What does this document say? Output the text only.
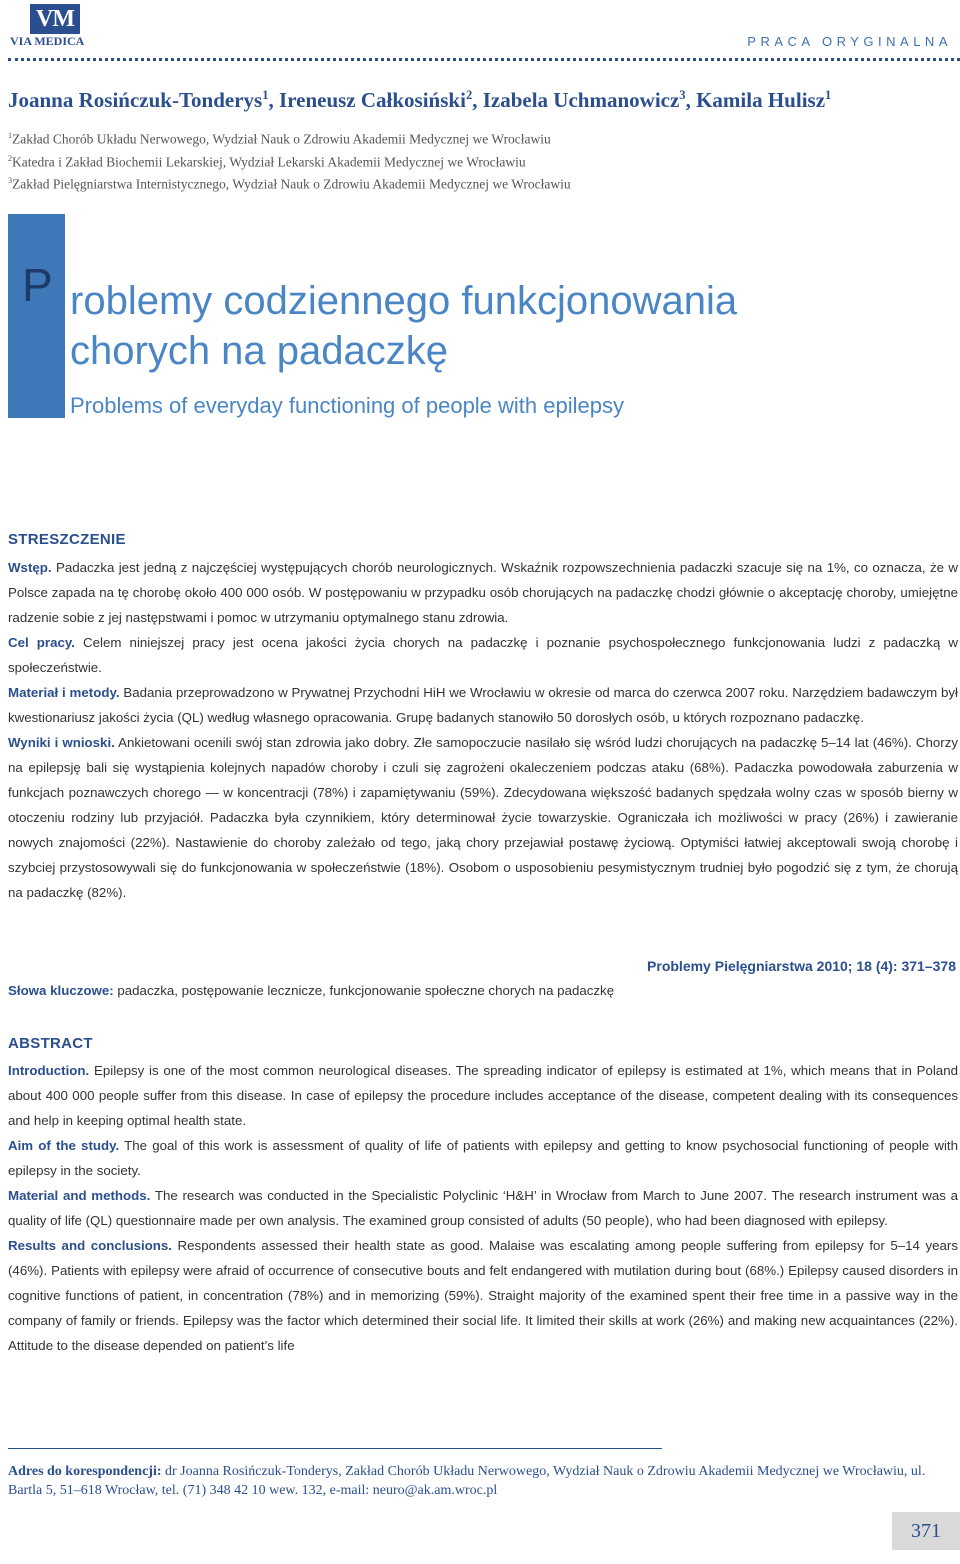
VM
VIA MEDICA	PRACA ORYGINALNA
Joanna Rosińczuk-Tonderys$^1$, Ireneusz Całkosiński$^2$, Izabela Uchmanowicz$^3$, Kamila Hulisz$^1$
$^1$Zakład Chorób Układu Nerwowego, Wydział Nauk o Zdrowiu Akademii Medycznej we Wrocławiu
$^2$Katedra i Zakład Biochemii Lekarskiej, Wydział Lekarski Akademii Medycznej we Wrocławiu
$^3$Zakład Pielęgniarstwa Internistycznego, Wydział Nauk o Zdrowiu Akademii Medycznej we Wrocławiu
P roblemy codziennego funkcjonowania
chorych na padaczkę
Problems of everyday functioning of people with epilepsy
STRESZCZENIE

Wstęp. Padaczka jest jedną z najczęściej występujących chorób neurologicznych. Wskaźnik rozpowszechnienia padaczki szacuje się na 1%, co oznacza, że w Polsce zapada na tę chorobę około 400 000 osób. W postępowaniu w przypadku osób chorujących na padaczkę chodzi głównie o akceptację choroby, umiejętne radzenie sobie z jej następstwami i pomoc w utrzymaniu optymalnego stanu zdrowia.

Cel pracy. Celem niniejszej pracy jest ocena jakości życia chorych na padaczkę i poznanie psychospołecznego funkcjonowania ludzi z padaczką w społeczeństwie.

Materiał i metody. Badania przeprowadzono w Prywatnej Przychodni HiH we Wrocławiu w okresie od marca do czerwca 2007 roku. Narzędziem badawczym był kwestionariusz jakości życia (QL) według własnego opracowania. Grupę badanych stanowiło 50 dorosłych osób, u których rozpoznano padaczkę.

Wyniki i wnioski. Ankietowani ocenili swój stan zdrowia jako dobry. Złe samopoczucie nasilało się wśród ludzi chorujących na padaczkę 5–14 lat (46%). Chorzy na epilepsję bali się wystąpienia kolejnych napadów choroby i czuli się zagrożeni okaleczeniem podczas ataku (68%). Padaczka powodowała zaburzenia w funkcjach poznawczych chorego — w koncentracji (78%) i zapamiętywaniu (59%). Zdecydowana większość badanych spędzała wolny czas w sposób bierny w otoczeniu rodziny lub przyjaciół. Padaczka była czynnikiem, który determinował życie towarzyskie. Ograniczała ich możliwości w pracy (26%) i zawieranie nowych znajomości (22%). Nastawienie do choroby zależało od tego, jaką chory przejawiał postawę życiową. Optymiści łatwiej akceptowali swoją chorobę i szybciej przystosowywali się do funkcjonowania w społeczeństwie (18%). Osobom o usposobieniu pesymistycznym trudniej było pogodzić się z tym, że chorują na padaczkę (82%).

Problemy Pielęgniarstwa 2010; 18 (4): 371–378
Słowa kluczowe: padaczka, postępowanie lecznicze, funkcjonowanie społeczne chorych na padaczkę
ABSTRACT

Introduction. Epilepsy is one of the most common neurological diseases. The spreading indicator of epilepsy is estimated at 1%, which means that in Poland about 400 000 people suffer from this disease. In case of epilepsy the procedure includes acceptance of the disease, competent dealing with its consequences and help in keeping optimal health state.

Aim of the study. The goal of this work is assessment of quality of life of patients with epilepsy and getting to know psychosocial functioning of people with epilepsy in the society.

Material and methods. The research was conducted in the Specialistic Polyclinic ‘H&H’ in Wrocław from March to June 2007. The research instrument was a quality of life (QL) questionnaire made per own analysis. The examined group consisted of adults (50 people), who had been diagnosed with epilepsy.

Results and conclusions. Respondents assessed their health state as good. Malaise was escalating among people suffering from epilepsy for 5–14 years (46%). Patients with epilepsy were afraid of occurrence of consecutive bouts and felt endangered with mutilation during bout (68%.) Epilepsy caused disorders in cognitive functions of patient, in concentration (78%) and in memorizing (59%). Straight majority of the examined spent their free time in a passive way in the company of family or friends. Epilepsy was the factor which determined their social life. It limited their skills at work (26%) and making new acquaintances (22%). Attitude to the disease depended on patient’s life

Adres do korespondencji: dr Joanna Rosińczuk-Tonderys, Zakład Chorób Układu Nerwowego, Wydział Nauk o Zdrowiu Akademii Medycznej we Wrocławiu, ul. Bartla 5, 51–618 Wrocław, tel. (71) 348 42 10 wew. 132, e-mail: neuro@ak.am.wroc.pl
371
